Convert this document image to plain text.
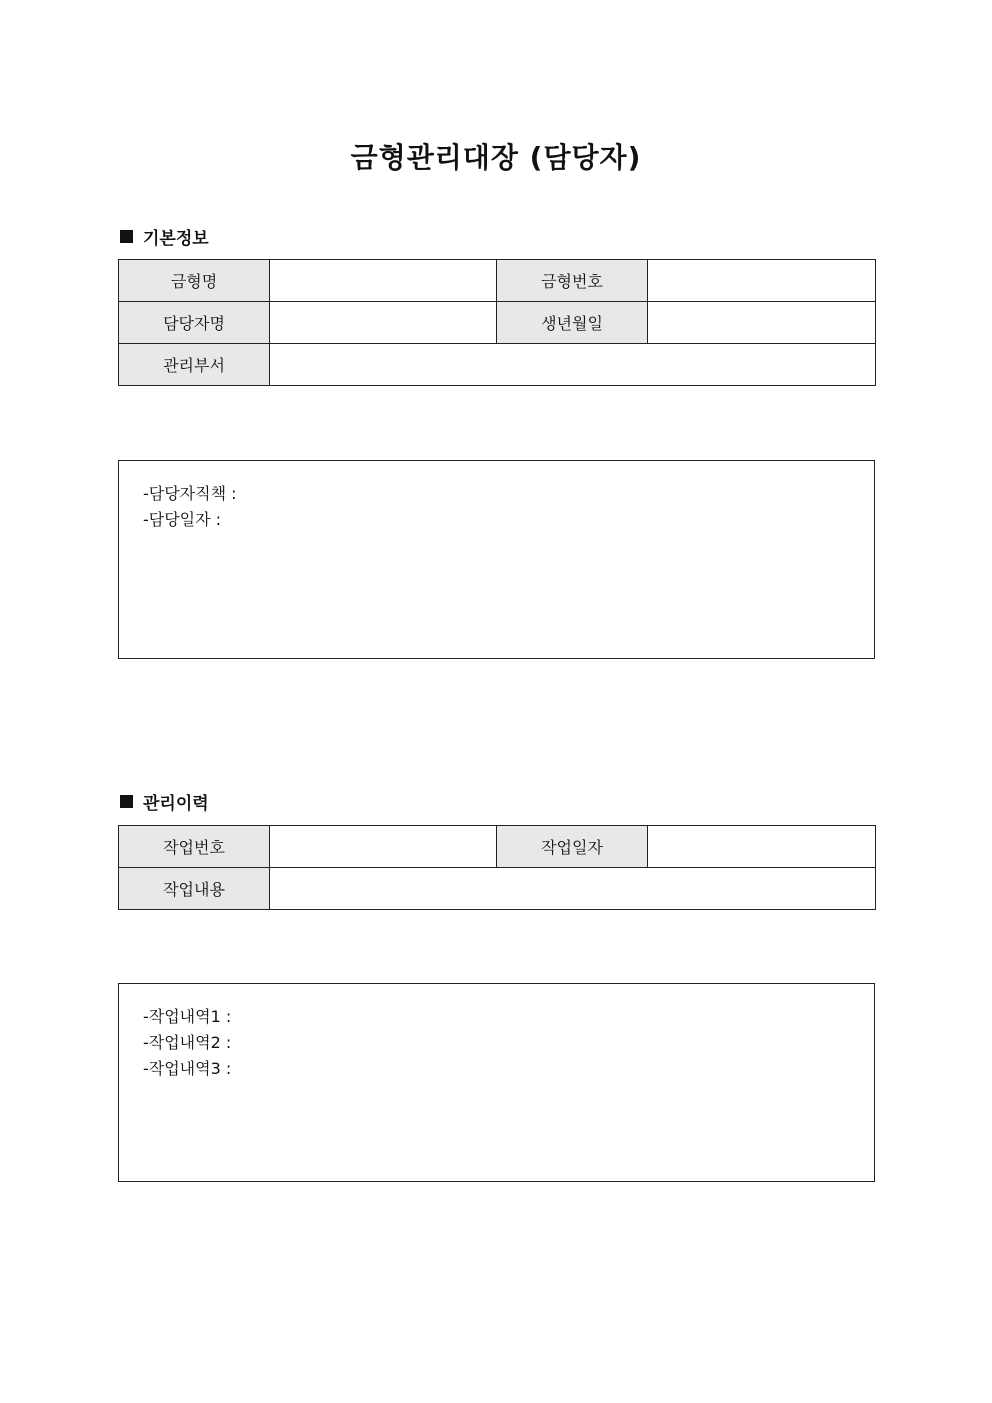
금형관리대장 (담당자)
기본정보
금형명		금형번호	
담당자명		생년월일	
관리부서			
-담당자직책 :
-담당일자 :
관리이력
작업번호		작업일자	
작업내용			
-작업내역1 :
-작업내역2 :
-작업내역3 :
